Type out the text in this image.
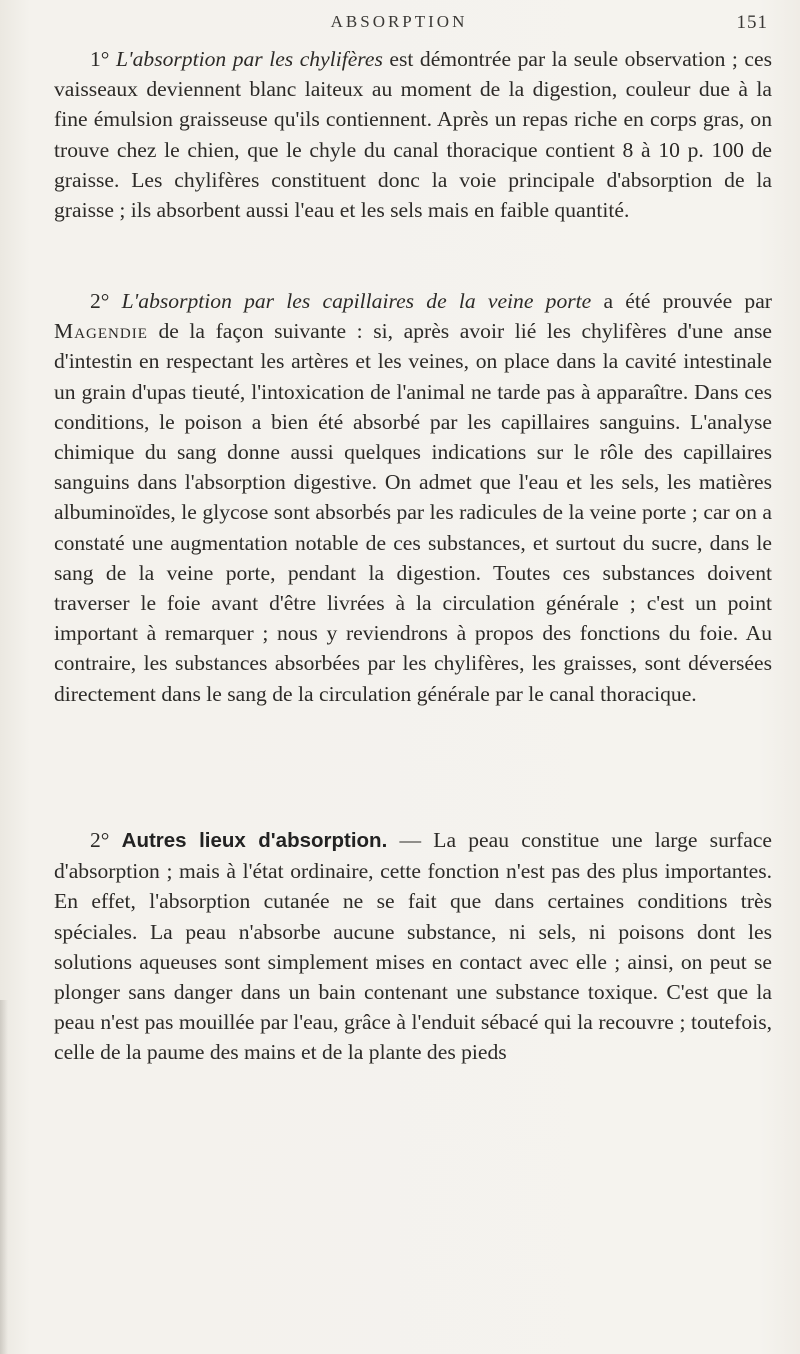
ABSORPTION	151

1° L'absorption par les chylifères est démontrée par la seule observation ; ces vaisseaux deviennent blanc laiteux au moment de la digestion, couleur due à la fine émulsion graisseuse qu'ils contiennent. Après un repas riche en corps gras, on trouve chez le chien, que le chyle du canal thoracique contient 8 à 10 p. 100 de graisse. Les chylifères constituent donc la voie principale d'absorption de la graisse ; ils absorbent aussi l'eau et les sels mais en faible quantité.

2° L'absorption par les capillaires de la veine porte a été prouvée par Magendie de la façon suivante : si, après avoir lié les chylifères d'une anse d'intestin en respectant les artères et les veines, on place dans la cavité intestinale un grain d'upas tieuté, l'intoxication de l'animal ne tarde pas à apparaître. Dans ces conditions, le poison a bien été absorbé par les capillaires sanguins. L'analyse chimique du sang donne aussi quelques indications sur le rôle des capillaires sanguins dans l'absorption digestive. On admet que l'eau et les sels, les matières albuminoïdes, le glycose sont absorbés par les radicules de la veine porte ; car on a constaté une augmentation notable de ces substances, et surtout du sucre, dans le sang de la veine porte, pendant la digestion. Toutes ces substances doivent traverser le foie avant d'être livrées à la circulation générale ; c'est un point important à remarquer ; nous y reviendrons à propos des fonctions du foie. Au contraire, les substances absorbées par les chylifères, les graisses, sont déversées directement dans le sang de la circulation générale par le canal thoracique.

2° Autres lieux d'absorption. — La peau constitue une large surface d'absorption ; mais à l'état ordinaire, cette fonction n'est pas des plus importantes. En effet, l'absorption cutanée ne se fait que dans certaines conditions très spéciales. La peau n'absorbe aucune substance, ni sels, ni poisons dont les solutions aqueuses sont simplement mises en contact avec elle ; ainsi, on peut se plonger sans danger dans un bain contenant une substance toxique. C'est que la peau n'est pas mouillée par l'eau, grâce à l'enduit sébacé qui la recouvre ; toutefois, celle de la paume des mains et de la plante des pieds
